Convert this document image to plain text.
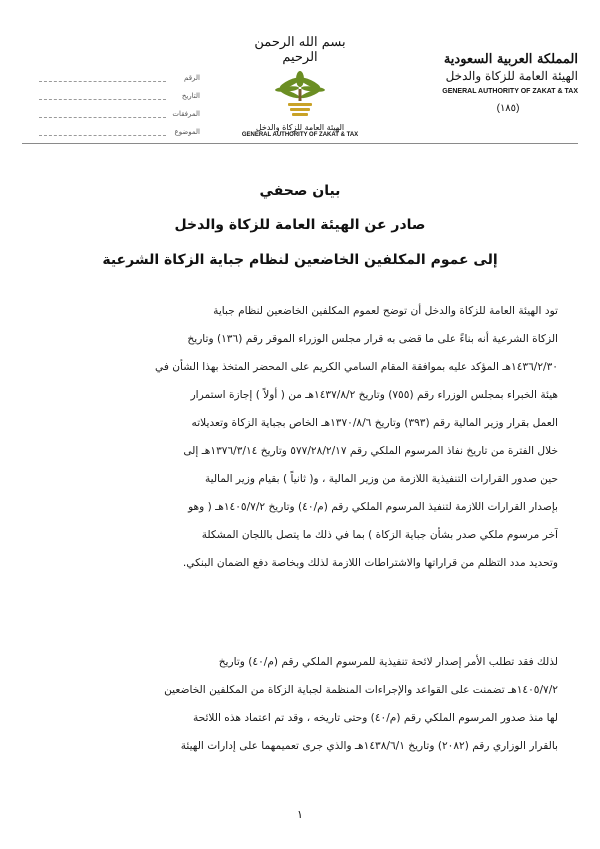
المملكة العربية السعودية
الهيئة العامة للزكاة والدخل
GENERAL AUTHORITY OF ZAKAT & TAX
(١٨٥)
بسم الله الرحمن الرحيم
الهيئة العامة للزكاة والدخل
GENERAL AUTHORITY OF ZAKAT & TAX
الرقم
التاريخ
المرفقات
الموضوع
بيان صحفي
صادر عن الهيئة العامة للزكاة والدخل
إلى عموم المكلفين الخاضعين لنظام جباية الزكاة الشرعية
تود الهيئة العامة للزكاة والدخل أن توضح لعموم المكلفين الخاضعين لنظام جباية
الزكاة الشرعية أنه بناءً على ما قضى به قرار مجلس الوزراء الموقر رقم (١٣٦) وتاريخ
١٤٣٦/٢/٣٠هـ المؤكد عليه بموافقة المقام السامي الكريم على المحضر المتخذ بهذا الشأن في
هيئة الخبراء بمجلس الوزراء رقم (٧٥٥) وتاريخ ١٤٣٧/٨/٢هـ من ( أولاً ) إجازة استمرار
العمل بقرار وزير المالية رقم (٣٩٣) وتاريخ ١٣٧٠/٨/٦هـ الخاص بجباية الزكاة وتعديلاته
خلال الفترة من تاريخ نفاذ المرسوم الملكي رقم ٥٧٧/٢٨/٢/١٧ وتاريخ ١٣٧٦/٣/١٤هـ إلى
حين صدور القرارات التنفيذية اللازمة من وزير المالية ، و( ثانياً ) بقيام وزير المالية
بإصدار القرارات اللازمة لتنفيذ المرسوم الملكي رقم (م/٤٠) وتاريخ ١٤٠٥/٧/٢هـ ( وهو
آخر مرسوم ملكي صدر بشأن جباية الزكاة ) بما في ذلك ما يتصل باللجان المشكلة
وتحديد مدد التظلم من قراراتها والاشتراطات اللازمة لذلك وبخاصة دفع الضمان البنكي.
لذلك فقد تطلب الأمر إصدار لائحة تنفيذية للمرسوم الملكي رقم (م/٤٠) وتاريخ
١٤٠٥/٧/٢هـ تضمنت على القواعد والإجراءات المنظمة لجباية الزكاة من المكلفين الخاضعين
لها منذ صدور المرسوم الملكي رقم (م/٤٠) وحتى تاريخه ، وقد تم اعتماد هذه اللائحة
بالقرار الوزاري رقم (٢٠٨٢) وتاريخ ١٤٣٨/٦/١هـ والذي جرى تعميمهما على إدارات الهيئة
١
